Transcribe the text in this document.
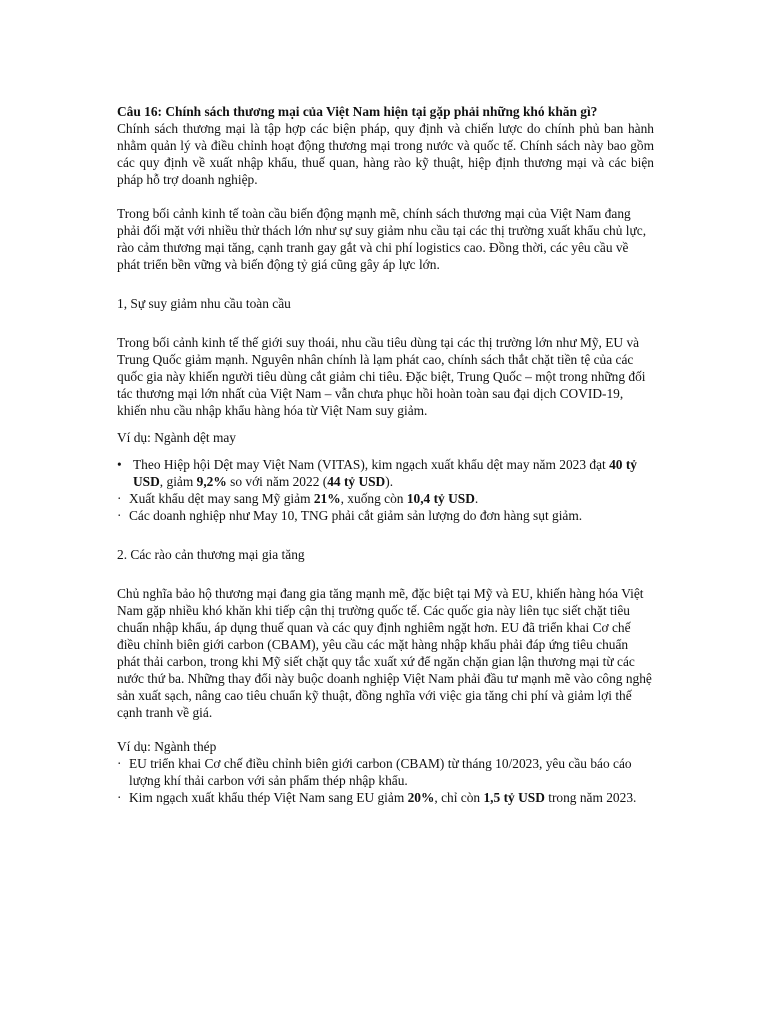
Câu 16: Chính sách thương mại của Việt Nam hiện tại gặp phải những khó khăn gì?

Chính sách thương mại là tập hợp các biện pháp, quy định và chiến lược do chính phủ ban hành nhằm quản lý và điều chỉnh hoạt động thương mại trong nước và quốc tế. Chính sách này bao gồm các quy định về xuất nhập khẩu, thuế quan, hàng rào kỹ thuật, hiệp định thương mại và các biện pháp hỗ trợ doanh nghiệp.

Trong bối cảnh kinh tế toàn cầu biến động mạnh mẽ, chính sách thương mại của Việt Nam đang phải đối mặt với nhiều thử thách lớn như sự suy giảm nhu cầu tại các thị trường xuất khẩu chủ lực, rào cảm thương mại tăng, cạnh tranh gay gắt và chi phí logistics cao. Đồng thời, các yêu cầu về phát triển bền vững và biến động tỷ giá cũng gây áp lực lớn.

1, Sự suy giảm nhu cầu toàn cầu

Trong bối cảnh kinh tế thế giới suy thoái, nhu cầu tiêu dùng tại các thị trường lớn như Mỹ, EU và Trung Quốc giảm mạnh. Nguyên nhân chính là lạm phát cao, chính sách thắt chặt tiền tệ của các quốc gia này khiến người tiêu dùng cắt giảm chi tiêu. Đặc biệt, Trung Quốc – một trong những đối tác thương mại lớn nhất của Việt Nam – vẫn chưa phục hồi hoàn toàn sau đại dịch COVID-19, khiến nhu cầu nhập khẩu hàng hóa từ Việt Nam suy giảm.

Ví dụ: Ngành dệt may

• Theo Hiệp hội Dệt may Việt Nam (VITAS), kim ngạch xuất khẩu dệt may năm 2023 đạt 40 tỷ USD, giảm 9,2% so với năm 2022 (44 tỷ USD).
· Xuất khẩu dệt may sang Mỹ giảm 21%, xuống còn 10,4 tỷ USD.
· Các doanh nghiệp như May 10, TNG phải cắt giảm sản lượng do đơn hàng sụt giảm.

2. Các rào cản thương mại gia tăng

Chủ nghĩa bảo hộ thương mại đang gia tăng mạnh mẽ, đặc biệt tại Mỹ và EU, khiến hàng hóa Việt Nam gặp nhiều khó khăn khi tiếp cận thị trường quốc tế. Các quốc gia này liên tục siết chặt tiêu chuẩn nhập khẩu, áp dụng thuế quan và các quy định nghiêm ngặt hơn. EU đã triển khai Cơ chế điều chỉnh biên giới carbon (CBAM), yêu cầu các mặt hàng nhập khẩu phải đáp ứng tiêu chuẩn phát thải carbon, trong khi Mỹ siết chặt quy tắc xuất xứ để ngăn chặn gian lận thương mại từ các nước thứ ba. Những thay đổi này buộc doanh nghiệp Việt Nam phải đầu tư mạnh mẽ vào công nghệ sản xuất sạch, nâng cao tiêu chuẩn kỹ thuật, đồng nghĩa với việc gia tăng chi phí và giảm lợi thế cạnh tranh về giá.

Ví dụ: Ngành thép

· EU triển khai Cơ chế điều chỉnh biên giới carbon (CBAM) từ tháng 10/2023, yêu cầu báo cáo lượng khí thải carbon với sản phẩm thép nhập khẩu.
· Kim ngạch xuất khẩu thép Việt Nam sang EU giảm 20%, chỉ còn 1,5 tỷ USD trong năm 2023.
